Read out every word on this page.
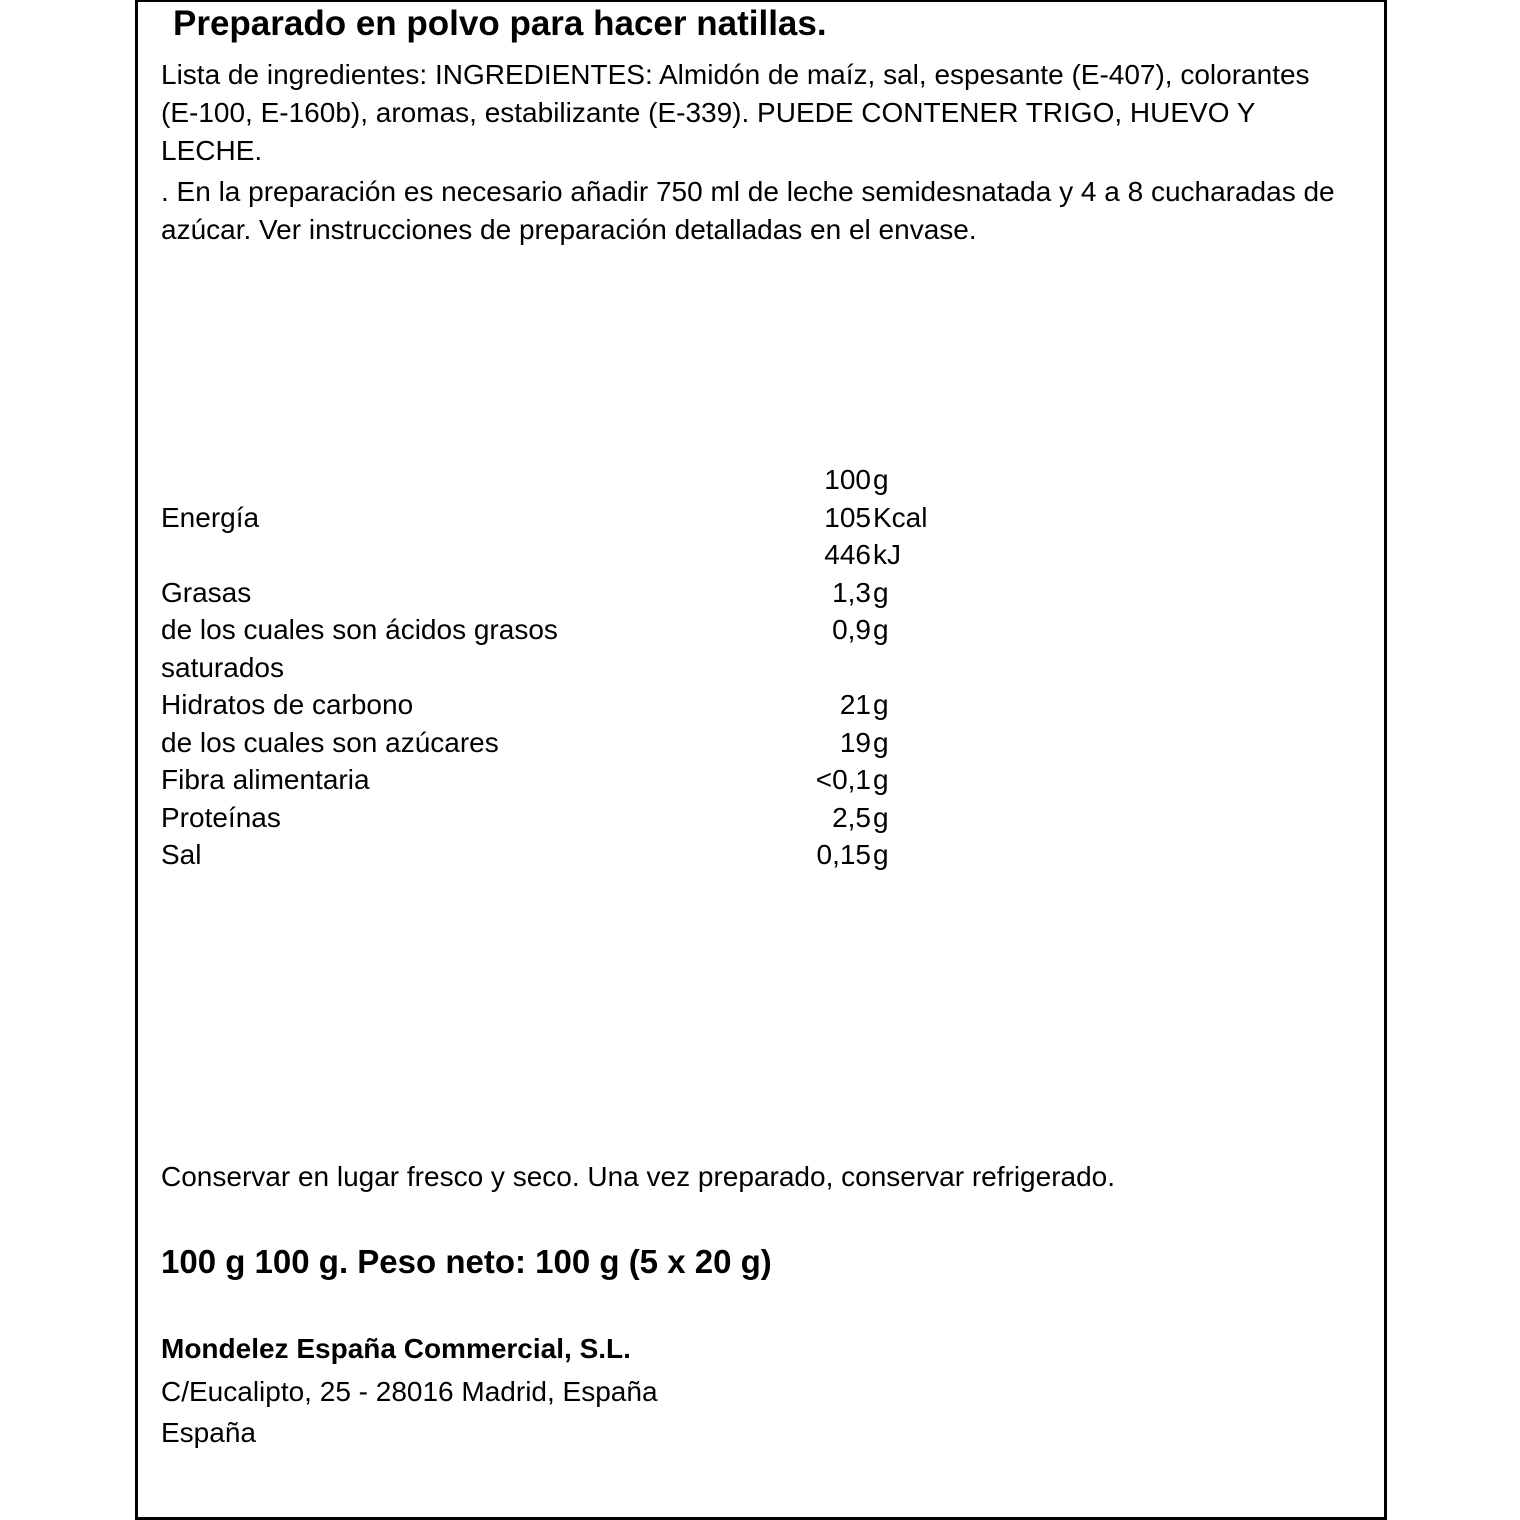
Preparado en polvo para hacer natillas.
Lista de ingredientes: INGREDIENTES: Almidón de maíz, sal, espesante (E-407), colorantes (E-100, E-160b), aromas, estabilizante (E-339). PUEDE CONTENER TRIGO, HUEVO Y LECHE.
. En la preparación es necesario añadir 750 ml de leche semidesnatada y 4 a 8 cucharadas de azúcar. Ver instrucciones de preparación detalladas en el envase.
100 g
Energía	105 Kcal
446 kJ
Grasas	1,3 g
de los cuales son ácidos grasos	0,9 g
saturados
Hidratos de carbono	21 g
de los cuales son azúcares	19 g
Fibra alimentaria	<0,1 g
Proteínas	2,5 g
Sal	0,15 g
Conservar en lugar fresco y seco. Una vez preparado, conservar refrigerado.
100 g 100 g. Peso neto: 100 g (5 x 20 g)
Mondelez España Commercial, S.L.
C/Eucalipto, 25 - 28016 Madrid, España
España
